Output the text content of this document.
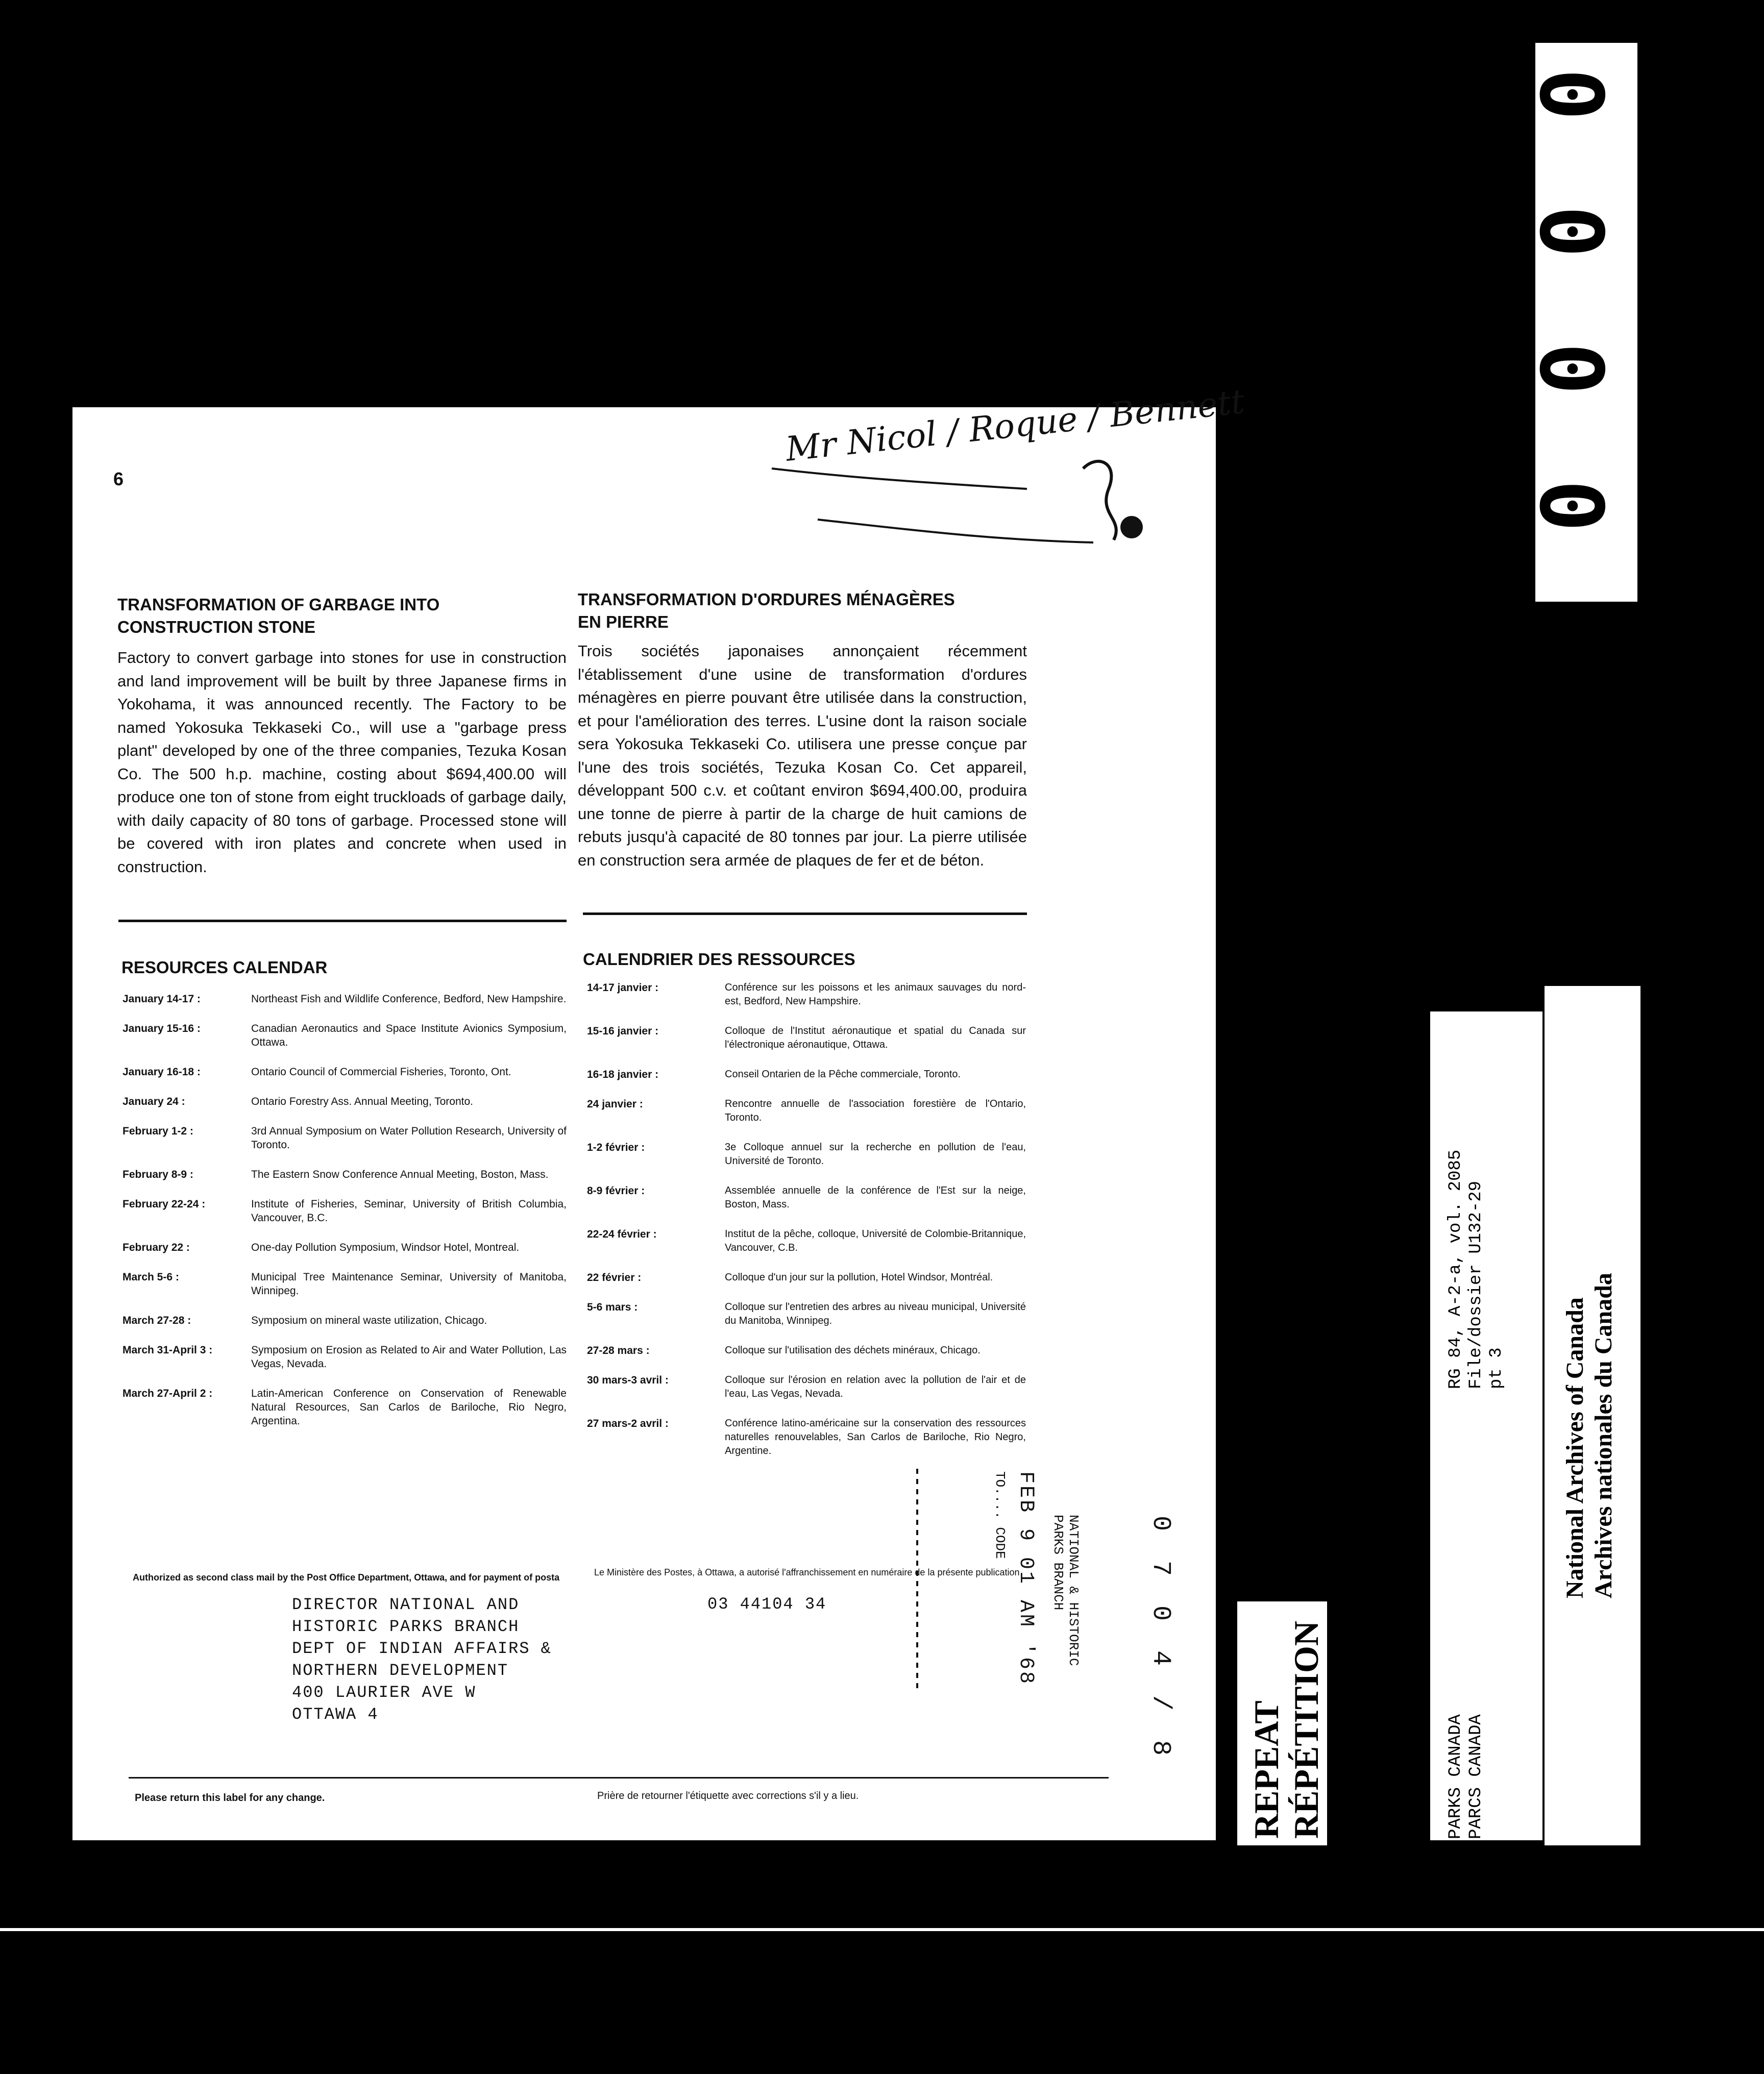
6
Mr Nicol / Roque / Bennett
TRANSFORMATION OF GARBAGE INTO
CONSTRUCTION STONE
Factory to convert garbage into stones for use in construction and land improvement will be built by three Japanese firms in Yokohama, it was announced recently. The Factory to be named Yokosuka Tekkaseki Co., will use a "garbage press plant" developed by one of the three companies, Tezuka Kosan Co. The 500 h.p. machine, costing about $694,400.00 will produce one ton of stone from eight truckloads of garbage daily, with daily capacity of 80 tons of garbage. Processed stone will be covered with iron plates and concrete when used in construction.
TRANSFORMATION D'ORDURES MÉNAGÈRES
EN PIERRE
Trois sociétés japonaises annonçaient récemment l'établissement d'une usine de transformation d'ordures ménagères en pierre pouvant être utilisée dans la construction, et pour l'amélioration des terres. L'usine dont la raison sociale sera Yokosuka Tekkaseki Co. utilisera une presse conçue par l'une des trois sociétés, Tezuka Kosan Co. Cet appareil, développant 500 c.v. et coûtant environ $694,400.00, produira une tonne de pierre à partir de la charge de huit camions de rebuts jusqu'à capacité de 80 tonnes par jour. La pierre utilisée en construction sera armée de plaques de fer et de béton.
RESOURCES CALENDAR
January 14-17 :	Northeast Fish and Wildlife Conference, Bedford, New Hampshire.
January 15-16 :	Canadian Aeronautics and Space Institute Avionics Symposium, Ottawa.
January 16-18 :	Ontario Council of Commercial Fisheries, Toronto, Ont.
January 24 :	Ontario Forestry Ass. Annual Meeting, Toronto.
February 1-2 :	3rd Annual Symposium on Water Pollution Research, University of Toronto.
February 8-9 :	The Eastern Snow Conference Annual Meeting, Boston, Mass.
February 22-24 :	Institute of Fisheries, Seminar, University of British Columbia, Vancouver, B.C.
February 22 :	One-day Pollution Symposium, Windsor Hotel, Montreal.
March 5-6 :	Municipal Tree Maintenance Seminar, University of Manitoba, Winnipeg.
March 27-28 :	Symposium on mineral waste utilization, Chicago.
March 31-April 3 :	Symposium on Erosion as Related to Air and Water Pollution, Las Vegas, Nevada.
March 27-April 2 :	Latin-American Conference on Conservation of Renewable Natural Resources, San Carlos de Bariloche, Rio Negro, Argentina.
CALENDRIER DES RESSOURCES
14-17 janvier :	Conférence sur les poissons et les animaux sauvages du nord-est, Bedford, New Hampshire.
15-16 janvier :	Colloque de l'Institut aéronautique et spatial du Canada sur l'électronique aéronautique, Ottawa.
16-18 janvier :	Conseil Ontarien de la Pêche commerciale, Toronto.
24 janvier :	Rencontre annuelle de l'association forestière de l'Ontario, Toronto.
1-2 février :	3e Colloque annuel sur la recherche en pollution de l'eau, Université de Toronto.
8-9 février :	Assemblée annuelle de la conférence de l'Est sur la neige, Boston, Mass.
22-24 février :	Institut de la pêche, colloque, Université de Colombie-Britannique, Vancouver, C.B.
22 février :	Colloque d'un jour sur la pollution, Hotel Windsor, Montréal.
5-6 mars :	Colloque sur l'entretien des arbres au niveau municipal, Université du Manitoba, Winnipeg.
27-28 mars :	Colloque sur l'utilisation des déchets minéraux, Chicago.
30 mars-3 avril :	Colloque sur l'érosion en relation avec la pollution de l'air et de l'eau, Las Vegas, Nevada.
27 mars-2 avril :	Conférence latino-américaine sur la conservation des ressources naturelles renouvelables, San Carlos de Bariloche, Rio Negro, Argentine.
Authorized as second class mail by the Post Office Department, Ottawa, and for payment of posta	Le Ministère des Postes, à Ottawa, a autorisé l'affranchissement en numéraire de la présente publication
03 44104 34
DIRECTOR NATIONAL AND
HISTORIC PARKS BRANCH
DEPT OF INDIAN AFFAIRS &
NORTHERN DEVELOPMENT
400 LAURIER AVE W
OTTAWA 4
FEB 9 01 AM '68
TO.... CODE	NATIONAL & HISTORIC PARKS BRANCH	0 7 0 4 / 8
Please return this label for any change.	Prière de retourner l'étiquette avec corrections s'il y a lieu.
0 0 0 0 2 9
REPEAT RÉPÉTITION	PARKS CANADA PARCS CANADA
RG 84, A-2-a, vol. 2085 File/dossier U132-29 pt 3 National Archives of Canada Archives nationales du Canada
